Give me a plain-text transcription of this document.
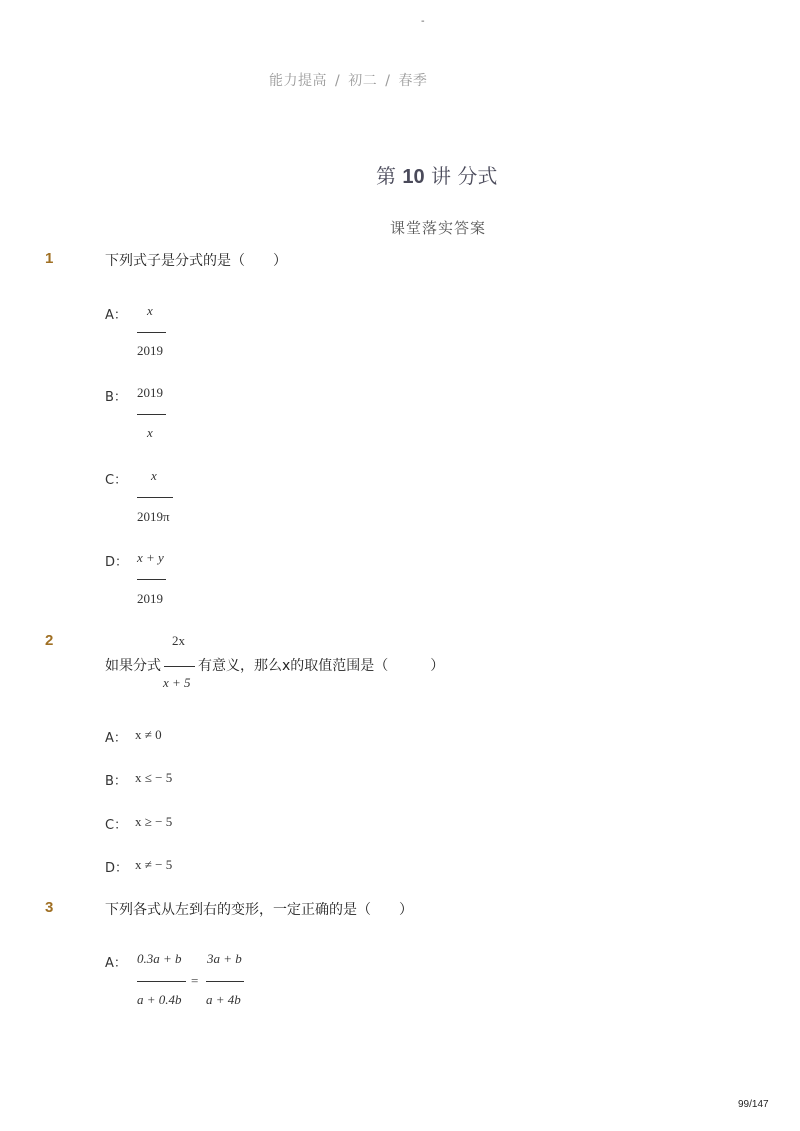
-
能力提高 / 初二 / 春季
第 10 讲 分式
课堂落实答案
1	下列式子是分式的是（　　）
A： x
2019
B： 2019
x
C： x
2019π
D： x + y
2019
2	2x
如果分式	有意义，那么x的取值范围是（　　　）
x + 5
A： x ≠ 0
B： x ≤ − 5
C： x ≥ − 5
D： x ≠ − 5
3	下列各式从左到右的变形，一定正确的是（　　）
A： 0.3a + b
a + 0.4b
=
3a + b
a + 4b
99/147
